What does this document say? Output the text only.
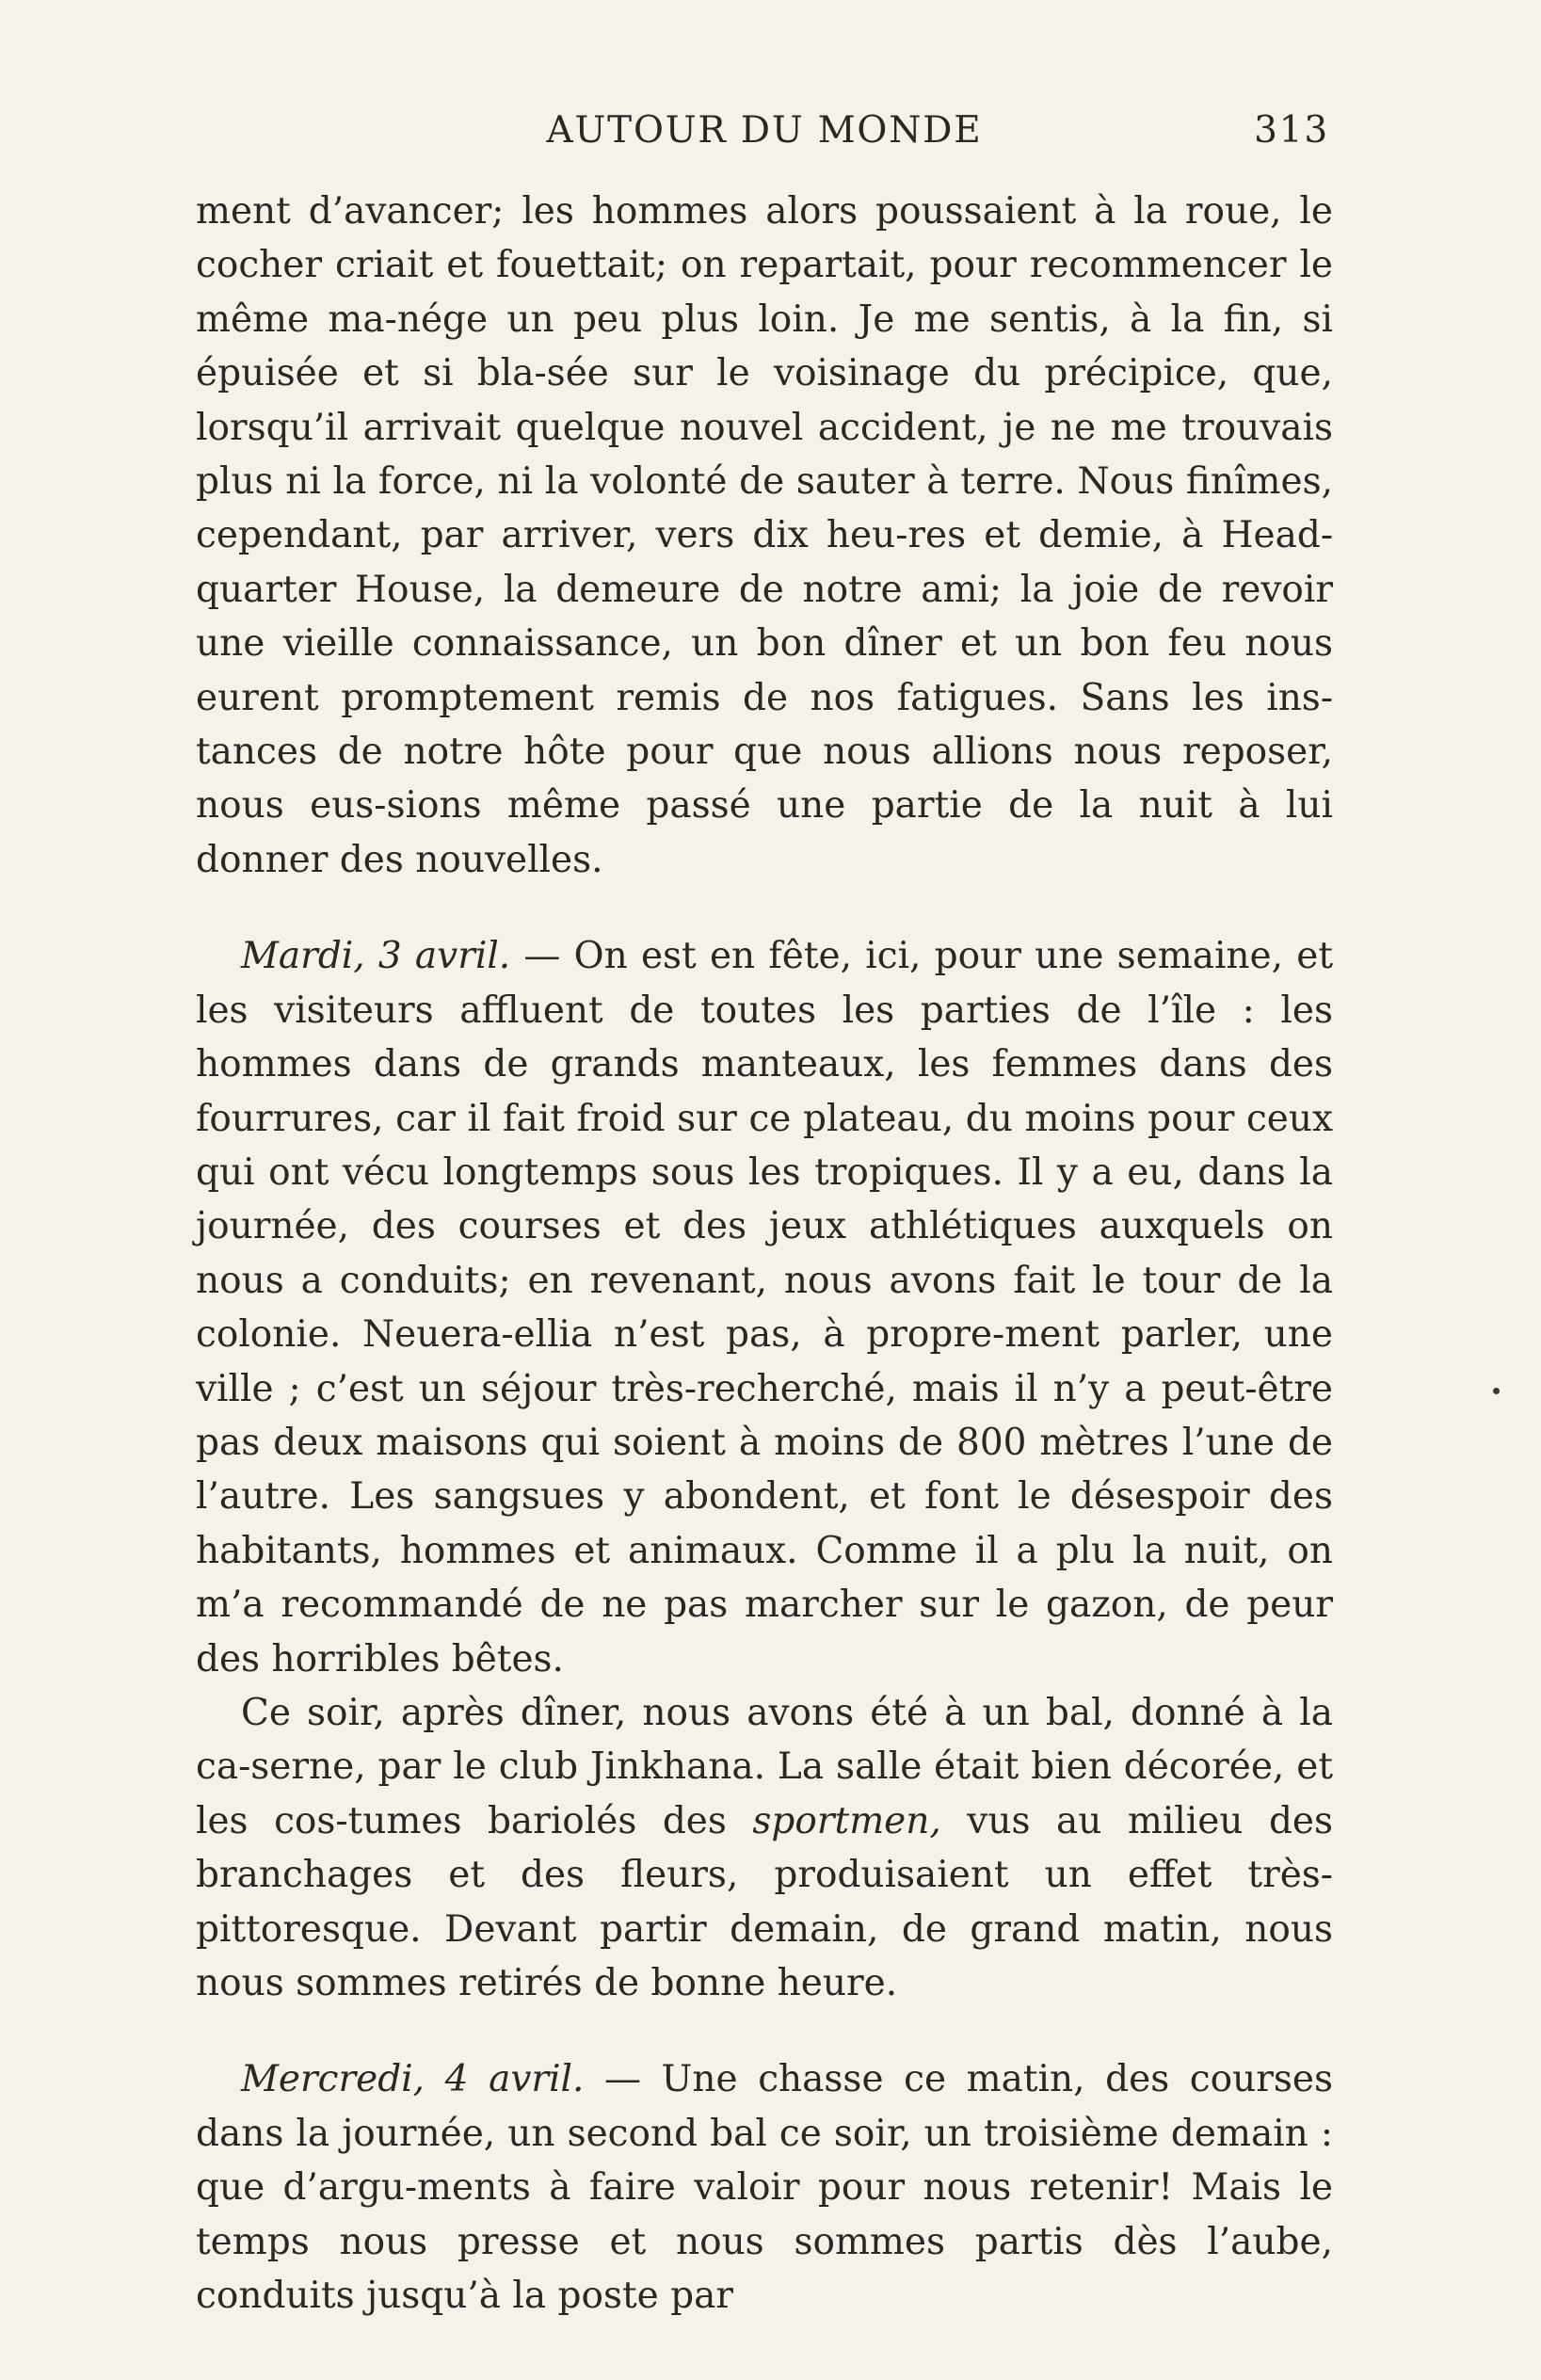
AUTOUR DU MONDE	313

ment d’avancer; les hommes alors poussaient à la roue, le cocher criait et fouettait; on repartait, pour recommencer le même ma-nége un peu plus loin. Je me sentis, à la fin, si épuisée et si bla-sée sur le voisinage du précipice, que, lorsqu’il arrivait quelque nouvel accident, je ne me trouvais plus ni la force, ni la volonté de sauter à terre. Nous finîmes, cependant, par arriver, vers dix heu-res et demie, à Head-quarter House, la demeure de notre ami; la joie de revoir une vieille connaissance, un bon dîner et un bon feu nous eurent promptement remis de nos fatigues. Sans les ins-tances de notre hôte pour que nous allions nous reposer, nous eus-sions même passé une partie de la nuit à lui donner des nouvelles.

Mardi, 3 avril. — On est en fête, ici, pour une semaine, et les visiteurs affluent de toutes les parties de l’île : les hommes dans de grands manteaux, les femmes dans des fourrures, car il fait froid sur ce plateau, du moins pour ceux qui ont vécu longtemps sous les tropiques. Il y a eu, dans la journée, des courses et des jeux athlétiques auxquels on nous a conduits; en revenant, nous avons fait le tour de la colonie. Neuera-ellia n’est pas, à propre-ment parler, une ville ; c’est un séjour très-recherché, mais il n’y a peut-être pas deux maisons qui soient à moins de 800 mètres l’une de l’autre. Les sangsues y abondent, et font le désespoir des habitants, hommes et animaux. Comme il a plu la nuit, on m’a recommandé de ne pas marcher sur le gazon, de peur des horribles bêtes.

Ce soir, après dîner, nous avons été à un bal, donné à la ca-serne, par le club Jinkhana. La salle était bien décorée, et les cos-tumes bariolés des sportmen, vus au milieu des branchages et des fleurs, produisaient un effet très-pittoresque. Devant partir demain, de grand matin, nous nous sommes retirés de bonne heure.

Mercredi, 4 avril. — Une chasse ce matin, des courses dans la journée, un second bal ce soir, un troisième demain : que d’argu-ments à faire valoir pour nous retenir! Mais le temps nous presse et nous sommes partis dès l’aube, conduits jusqu’à la poste par
